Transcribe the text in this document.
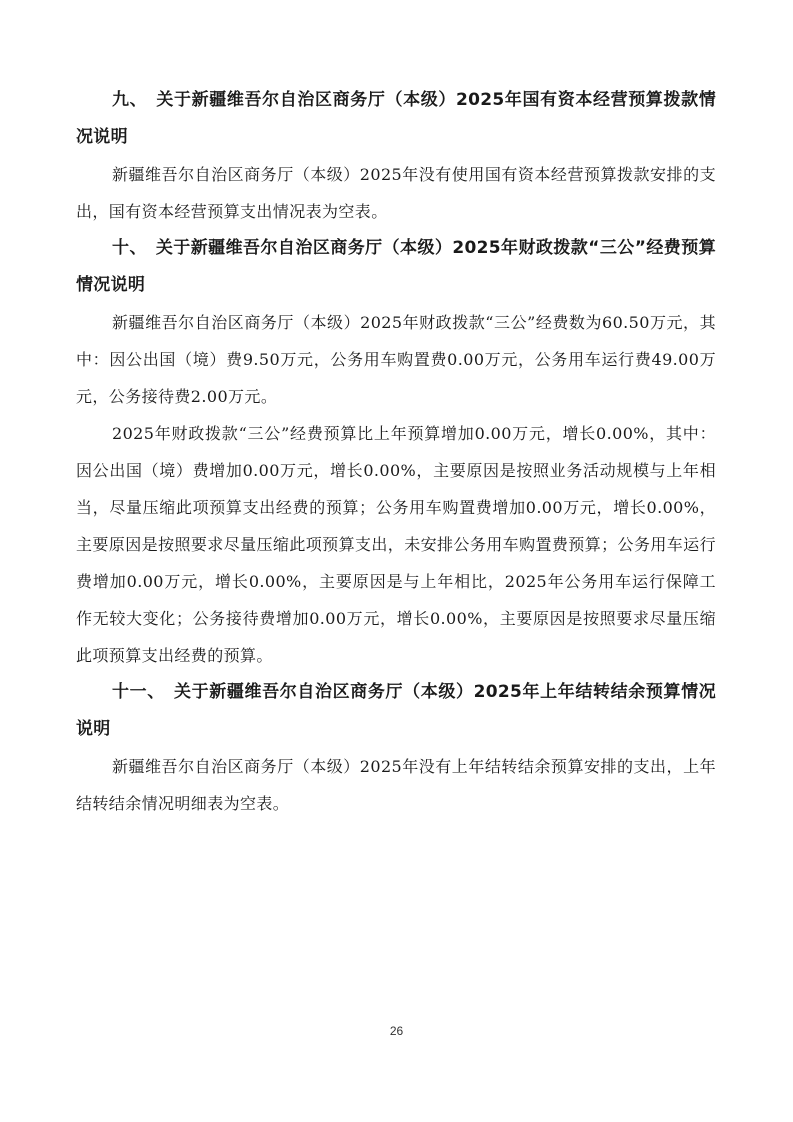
九、　关于新疆维吾尔自治区商务厅（本级）2025年国有资本经营预算拨款情况说明

新疆维吾尔自治区商务厅（本级）2025年没有使用国有资本经营预算拨款安排的支出，国有资本经营预算支出情况表为空表。

十、　关于新疆维吾尔自治区商务厅（本级）2025年财政拨款“三公”经费预算情况说明

新疆维吾尔自治区商务厅（本级）2025年财政拨款“三公”经费数为60.50万元，其中：因公出国（境）费9.50万元，公务用车购置费0.00万元，公务用车运行费49.00万元，公务接待费2.00万元。

2025年财政拨款“三公”经费预算比上年预算增加0.00万元，增长0.00%，其中：因公出国（境）费增加0.00万元，增长0.00%，主要原因是按照业务活动规模与上年相当，尽量压缩此项预算支出经费的预算；公务用车购置费增加0.00万元，增长0.00%，主要原因是按照要求尽量压缩此项预算支出，未安排公务用车购置费预算；公务用车运行费增加0.00万元，增长0.00%，主要原因是与上年相比，2025年公务用车运行保障工作无较大变化；公务接待费增加0.00万元，增长0.00%，主要原因是按照要求尽量压缩此项预算支出经费的预算。

十一、　关于新疆维吾尔自治区商务厅（本级）2025年上年结转结余预算情况说明

新疆维吾尔自治区商务厅（本级）2025年没有上年结转结余预算安排的支出，上年结转结余情况明细表为空表。

26
